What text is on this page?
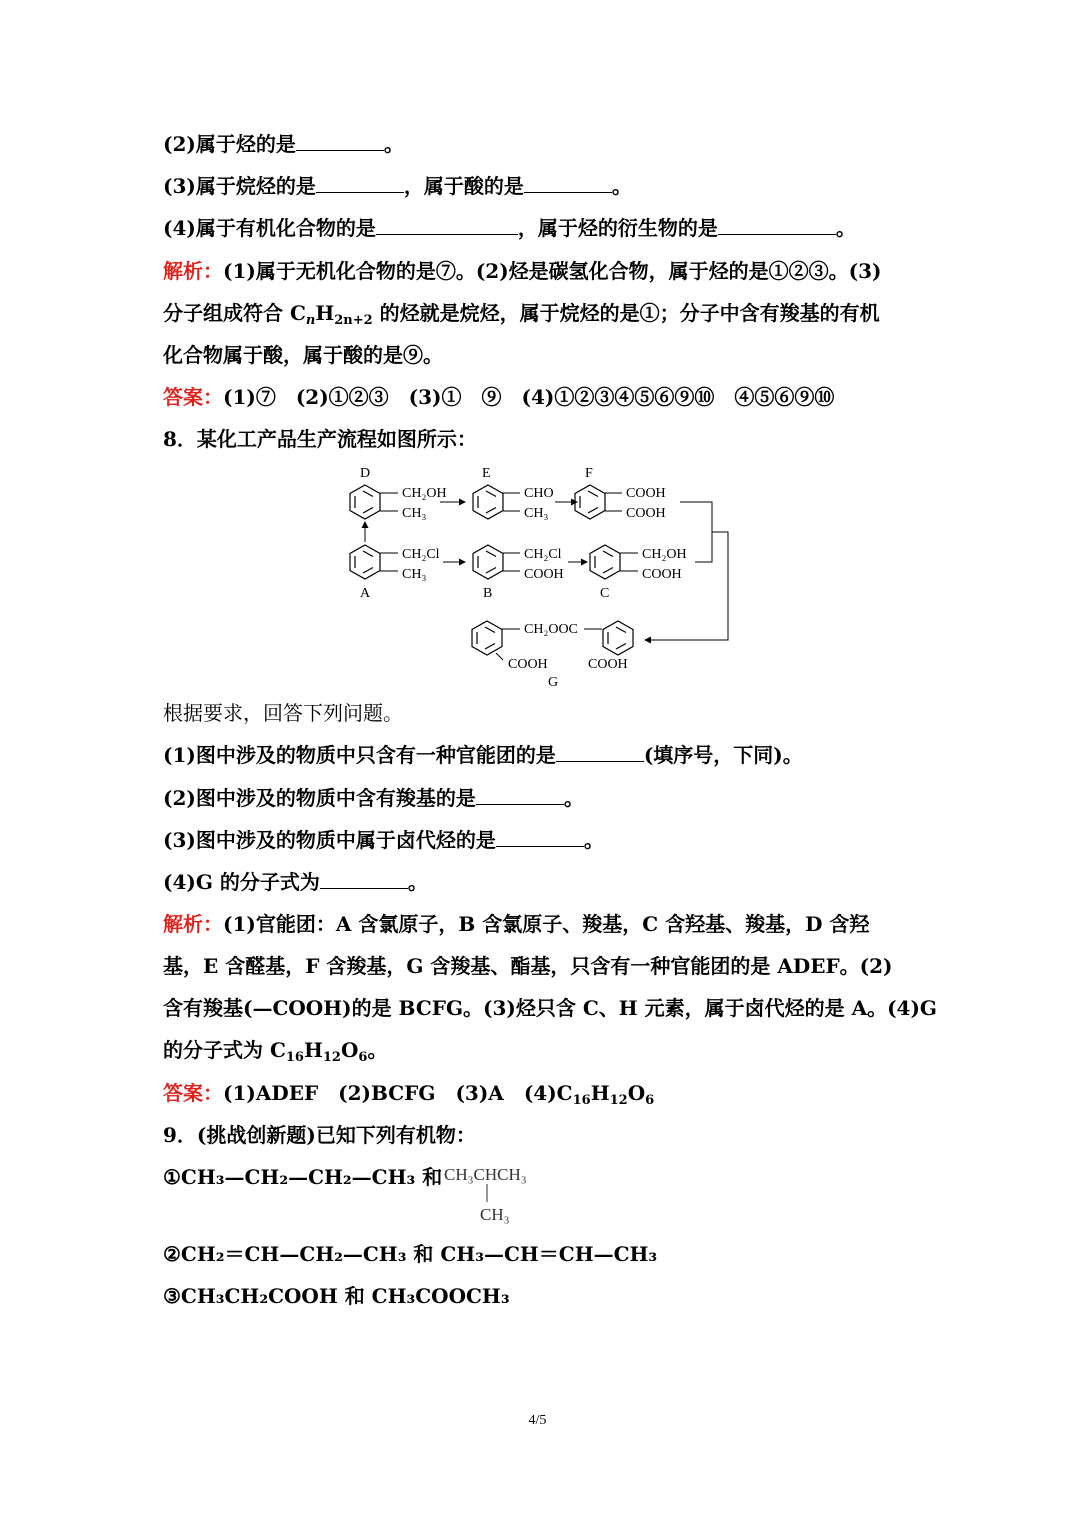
(2)属于烃的是	。
(3)属于烷烃的是	，属于酸的是	。
(4)属于有机化合物的是	，属于烃的衍生物的是	。
解析：(1)属于无机化合物的是⑦。(2)烃是碳氢化合物，属于烃的是①②③。(3)
分子组成符合 $C_nH_{2n+2}$ 的烃就是烷烃，属于烷烃的是①；分子中含有羧基的有机
化合物属于酸，属于酸的是⑨。
答案：(1)⑦　(2)①②③　(3)①　⑨　(4)①②③④⑤⑥⑨⑩　④⑤⑥⑨⑩
8．某化工产品生产流程如图所示：
D
CH₂OH
CH₃
E
CHO
CH₃
F
COOH
COOH
CH₂Cl
CH₃
A
CH₂Cl
COOH
B
CH₂OH
COOH
C
CH₂OOC
COOH	COOH
G
根据要求，回答下列问题。
(1)图中涉及的物质中只含有一种官能团的是	(填序号，下同)。
(2)图中涉及的物质中含有羧基的是	。
(3)图中涉及的物质中属于卤代烃的是	。
(4)G 的分子式为	。
解析：(1)官能团：A 含氯原子，B 含氯原子、羧基，C 含羟基、羧基，D 含羟
基，E 含醛基，F 含羧基，G 含羧基、酯基，只含有一种官能团的是 ADEF。(2)
含有羧基(—COOH)的是 BCFG。(3)烃只含 C、H 元素，属于卤代烃的是 A。(4)G
的分子式为 $C_{16}H_{12}O_6$。
答案：(1)ADEF　(2)BCFG　(3)A　$(4)C_{16}H_{12}O_6$
9．(挑战创新题)已知下列有机物：
①CH₃—CH₂—CH₂—CH₃ 和 CH₃CHCH₃
CH₃
②CH₂＝CH—CH₂—CH₃ 和 CH₃—CH＝CH—CH₃
③CH₃CH₂COOH 和 CH₃COOCH₃
4/5
